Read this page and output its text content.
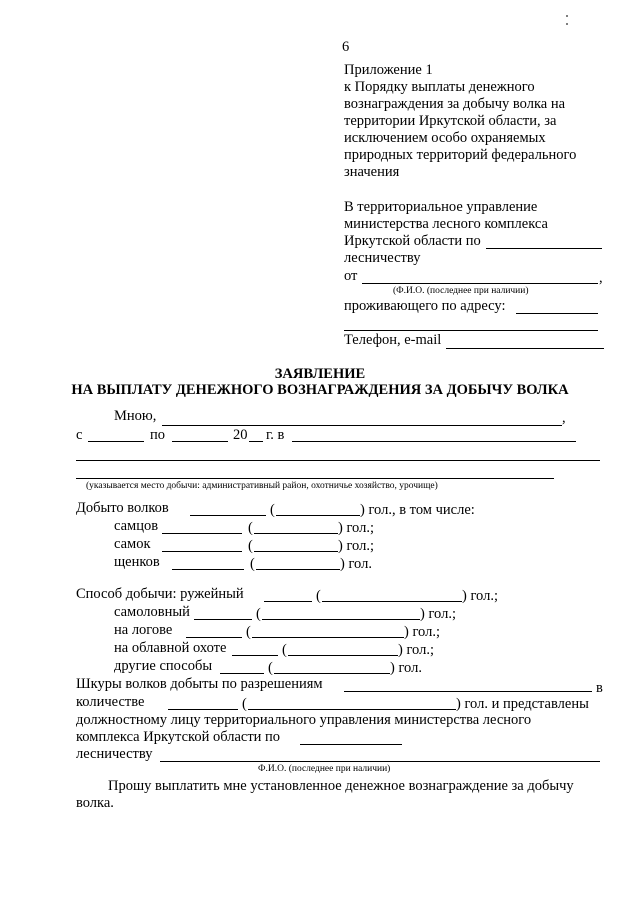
6
Приложение 1
к Порядку выплаты денежного
вознаграждения за добычу волка на
территории Иркутской области, за
исключением особо охраняемых
природных территорий федерального
значения
В территориальное управление
министерства лесного комплекса
Иркутской области по
лесничеству
от	,
(Ф.И.О. (последнее при наличии)
проживающего по адресу:
Телефон, e-mail
ЗАЯВЛЕНИЕ
НА ВЫПЛАТУ ДЕНЕЖНОГО ВОЗНАГРАЖДЕНИЯ ЗА ДОБЫЧУ ВОЛКА
Мною,	,
с	по	20 г. в
(указывается место добычи: административный район, охотничье хозяйство, урочище)
Добыто волков	(	) гол., в том числе:
самцов	(	) гол.;
самок	(	) гол.;
щенков	(	) гол.
Способ добычи: ружейный	(	) гол.;
самоловный	(	) гол.;
на логове	(	) гол.;
на облавной охоте	(	) гол.;
другие способы	(	) гол.
Шкуры волков добыты по разрешениям	в
количестве	(	) гол. и представлены
должностному лицу территориального управления министерства лесного
комплекса Иркутской области по
лесничеству
Ф.И.О. (последнее при наличии)
Прошу выплатить мне установленное денежное вознаграждение за добычу
волка.
